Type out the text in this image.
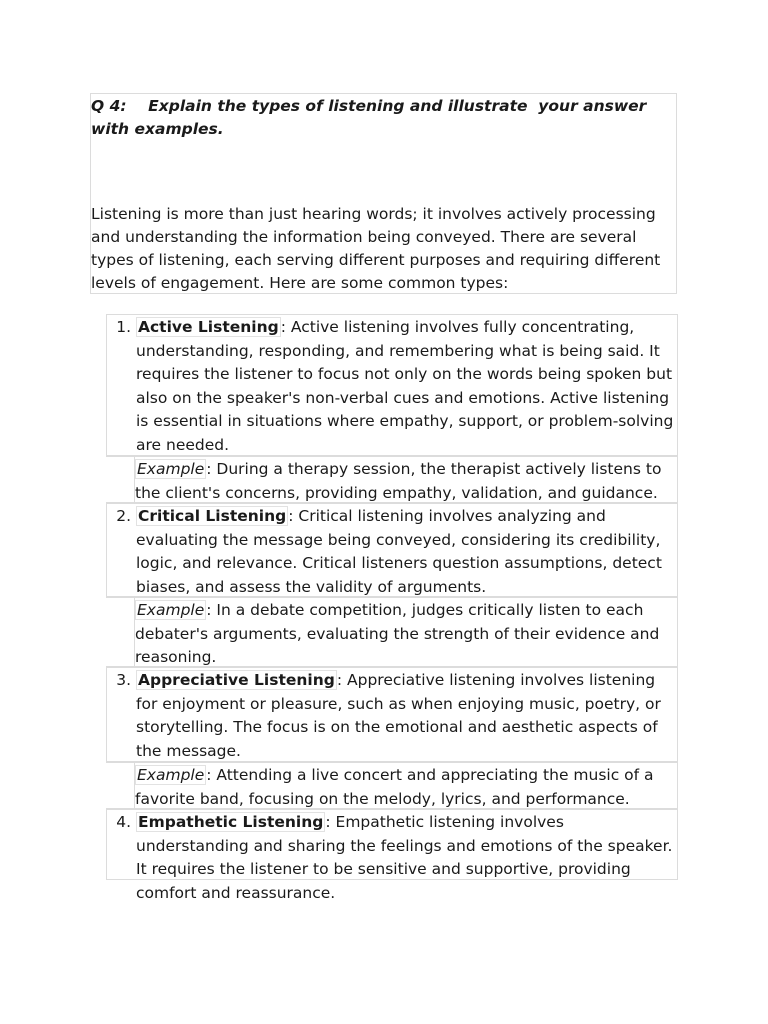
Q 4:    Explain the types of listening and illustrate  your answer with examples.

Listening is more than just hearing words; it involves actively processing and understanding the information being conveyed. There are several types of listening, each serving different purposes and requiring different levels of engagement. Here are some common types:

1. Active Listening : Active listening involves fully concentrating, understanding, responding, and remembering what is being said. It requires the listener to focus not only on the words being spoken but also on the speaker's non-verbal cues and emotions. Active listening is essential in situations where empathy, support, or problem-solving are needed.
Example : During a therapy session, the therapist actively listens to the client's concerns, providing empathy, validation, and guidance.
2. Critical Listening : Critical listening involves analyzing and evaluating the message being conveyed, considering its credibility, logic, and relevance. Critical listeners question assumptions, detect biases, and assess the validity of arguments.
Example : In a debate competition, judges critically listen to each debater's arguments, evaluating the strength of their evidence and reasoning.
3. Appreciative Listening : Appreciative listening involves listening for enjoyment or pleasure, such as when enjoying music, poetry, or storytelling. The focus is on the emotional and aesthetic aspects of the message.
Example : Attending a live concert and appreciating the music of a favorite band, focusing on the melody, lyrics, and performance.
4. Empathetic Listening : Empathetic listening involves understanding and sharing the feelings and emotions of the speaker. It requires the listener to be sensitive and supportive, providing comfort and reassurance.
